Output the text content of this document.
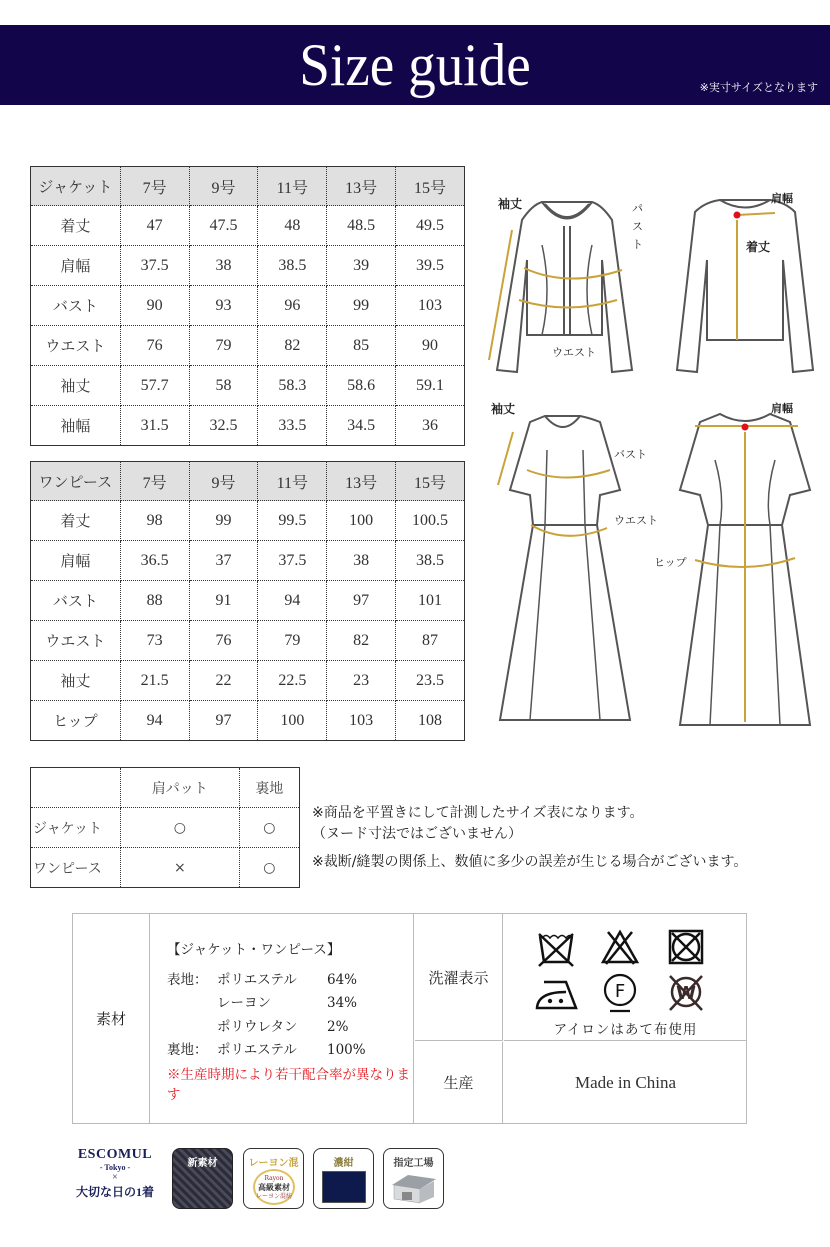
Size guide	※実寸サイズとなります
ジャケット	7号	9号	11号	13号	15号
着丈	47	47.5	48	48.5	49.5
肩幅	37.5	38	38.5	39	39.5
バスト	90	93	96	99	103
ウエスト	76	79	82	85	90
袖丈	57.7	58	58.3	58.6	59.1
袖幅	31.5	32.5	33.5	34.5	36
ワンピース	7号	9号	11号	13号	15号
着丈	98	99	99.5	100	100.5
肩幅	36.5	37	37.5	38	38.5
バスト	88	91	94	97	101
ウエスト	73	76	79	82	87
袖丈	21.5	22	22.5	23	23.5
ヒップ	94	97	100	103	108
袖丈
ウエスト
パ
ス
ト
肩幅
着丈
袖丈
バスト
ウエスト
肩幅
ヒップ
	肩パット	裏地
ジャケット	○	○
ワンピース	×	○
※商品を平置きにして計測したサイズ表になります。
（ヌード寸法ではございません）
※裁断/縫製の関係上、数値に多少の誤差が生じる場合がございます。
素材
【ジャケット・ワンピース】
表地： ポリエステル	64%
レーヨン	34%
ポリウレタン	2%
裏地： ポリエステル	100%
※生産時期により若干配合率が異なります
洗濯表示
F	W
アイロンはあて布使用
生産	Made in China
ESCOMUL
- Tokyo -
×
大切な日の1着
新素材	レーヨン混
Rayon
高級素材
レーヨン混紡
濃紺	指定工場
